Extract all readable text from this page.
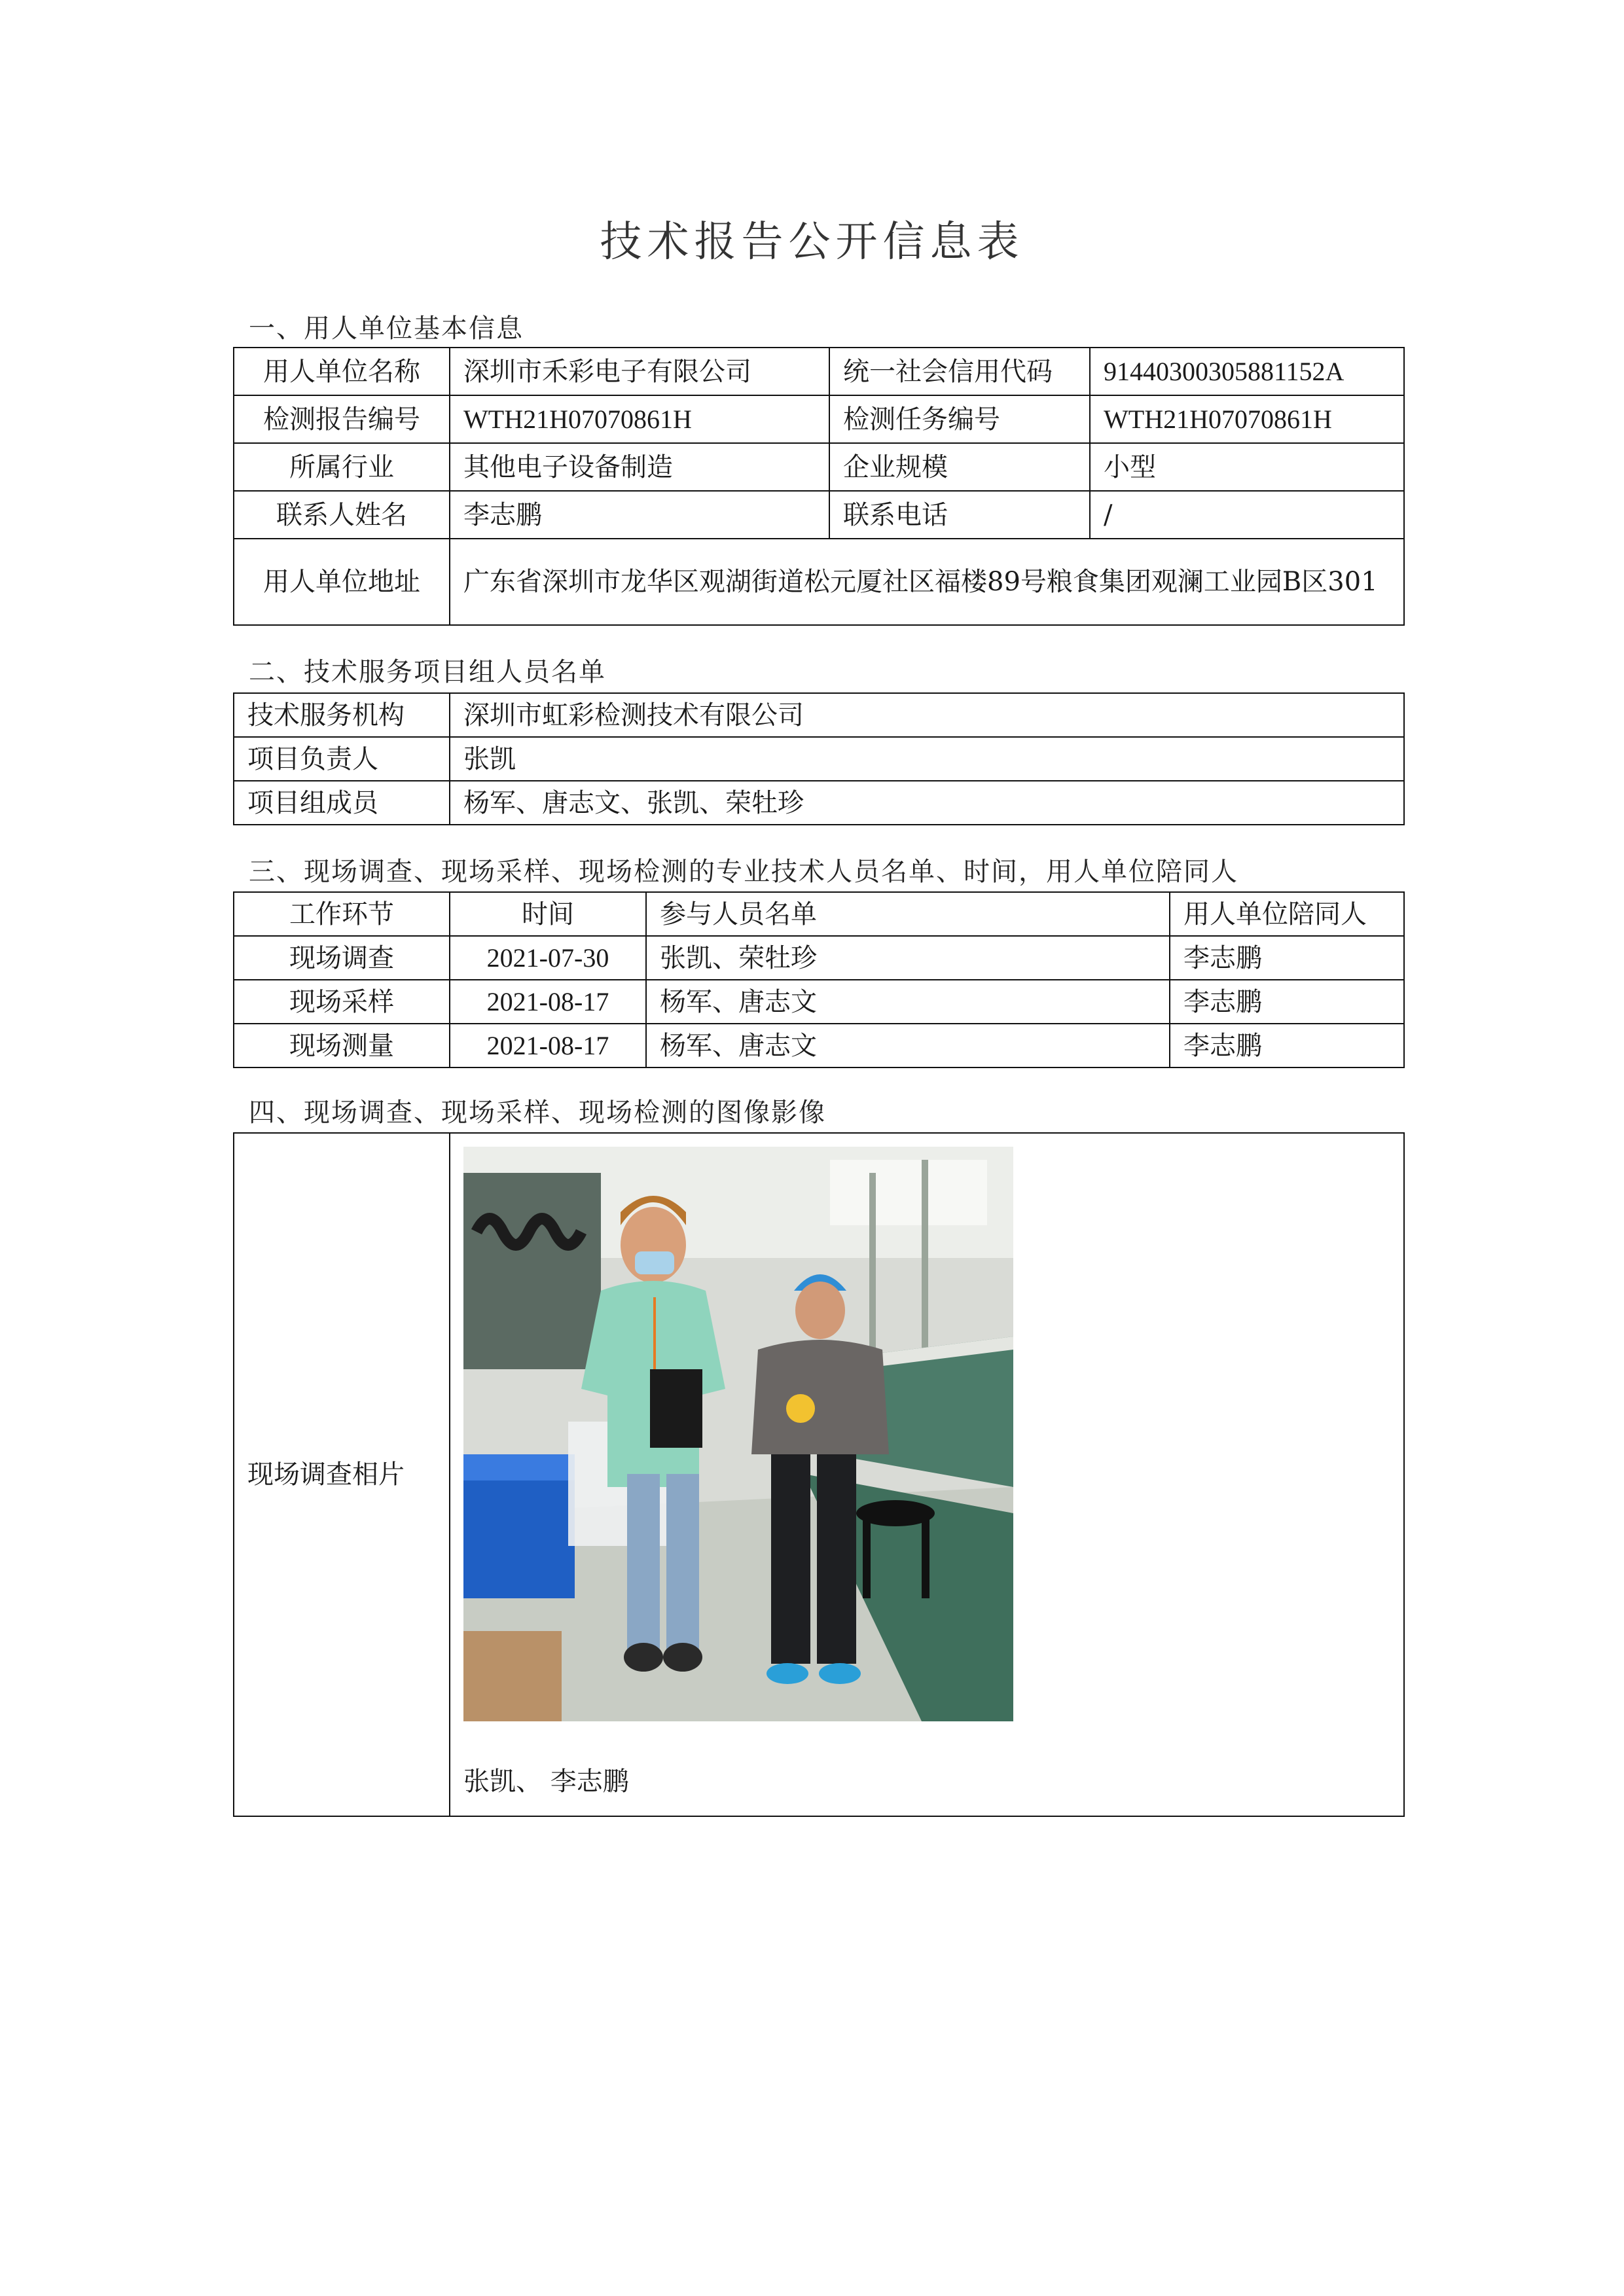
技术报告公开信息表
一、用人单位基本信息
用人单位名称	深圳市禾彩电子有限公司	统一社会信用代码	91440300305881152A
检测报告编号	WTH21H07070861H	检测任务编号	WTH21H07070861H
所属行业	其他电子设备制造	企业规模	小型
联系人姓名	李志鹏	联系电话	/
用人单位地址	广东省深圳市龙华区观湖街道松元厦社区福楼89号粮食集团观澜工业园B区301		
二、技术服务项目组人员名单
技术服务机构	深圳市虹彩检测技术有限公司
项目负责人	张凯
项目组成员	杨军、唐志文、张凯、荣牡珍
三、现场调查、现场采样、现场检测的专业技术人员名单、时间，用人单位陪同人
工作环节	时间	参与人员名单	用人单位陪同人
现场调查	2021-07-30	张凯、荣牡珍	李志鹏
现场采样	2021-08-17	杨军、唐志文	李志鹏
现场测量	2021-08-17	杨军、唐志文	李志鹏
四、现场调查、现场采样、现场检测的图像影像
现场调查相片	
张凯、 李志鹏
